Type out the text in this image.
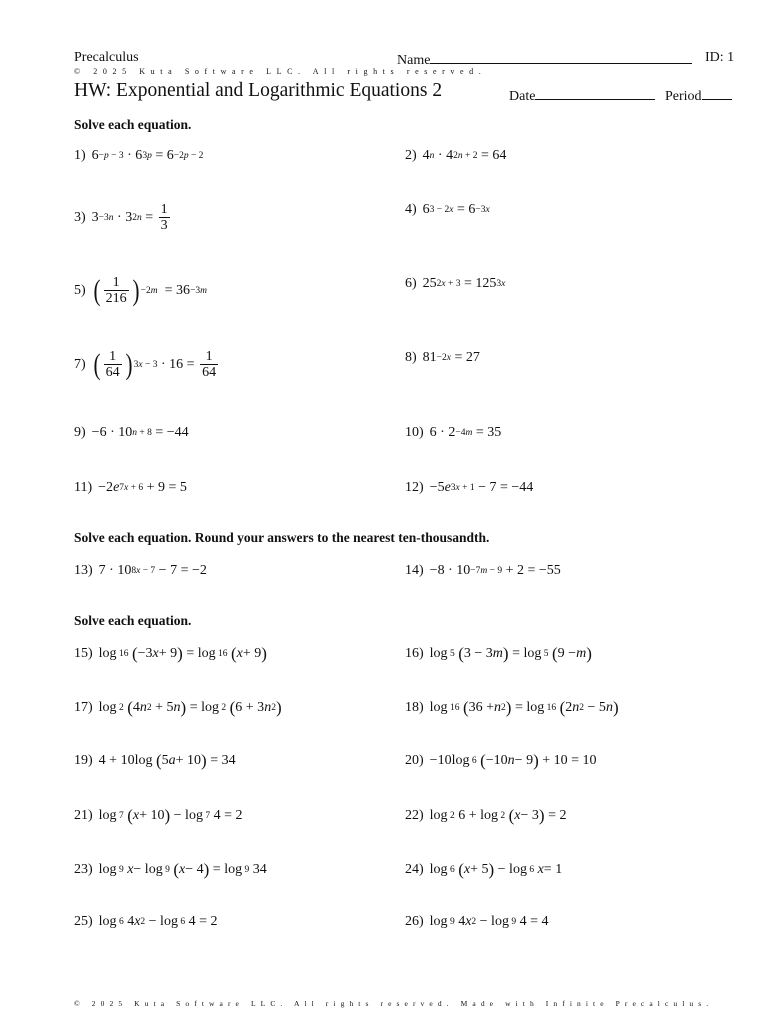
Precalculus
© 2025 Kuta Software LLC. All rights reserved.
Name	ID: 1
HW: Exponential and Logarithmic Equations 2	Date	Period
Solve each equation.
Solve each equation. Round your answers to the nearest ten-thousandth.
Solve each equation.
1) 6 −p − 3 · 6 3p = 6 −2p − 2	2) 4 n · 4 2n + 2 = 64
3) 3 −3n · 3 $2n = \frac{1}{3}$	4) 6 3 − 2x = 6 −3x
5) ( $\frac{1}{216}$ ) −2m = 36 −3m	6) 25 2x + 3 = 125 3x
7) ( $\frac{1}{64}$ ) $3x - 3 \cdot 16 = \frac{1}{64}$	8) 81 −2x = 27
9) −6 · 10 n + 8 = −44	10) 6 · 2 −4m = 35
11) −2 e 7x + 6 + 9 = 5	12) −5 e 3x + 1 − 7 = −44
13) 7 · 10 8x − 7 − 7 = −2	14) −8 · 10 −7m − 9 + 2 = −55
15) log 16
( −3 x + 9 ) = log 16
( x + 9 )	16) log 5
( 3 − 3 m ) = log 5
( 9 − m )
17) log 2
( 4 n 2 + 5 n ) = log 2
( 6 + 3 n 2 )	18) log 16
( 36 + n 2 ) = log 16
( 2 n 2 − 5 n )
19) 4 + 10log ( 5 a + 10 ) = 34	20) −10log 6
( −10 n − 9 ) + 10 = 10
21) log 7
( x + 10 ) − log 7 4 = 2	22) log 2 6 + log 2
( x − 3 ) = 2
23) log 9
x − log 9
( x − 4 ) = log 9 34	24) log 6
( x + 5 ) − log 6
x = 1
25) log 6 4 x 2 − log 6 4 = 2	26) log 9 4 x 2 − log 9 4 = 4
© 2025 Kuta Software LLC. All rights reserved. Made with Infinite Precalculus.
